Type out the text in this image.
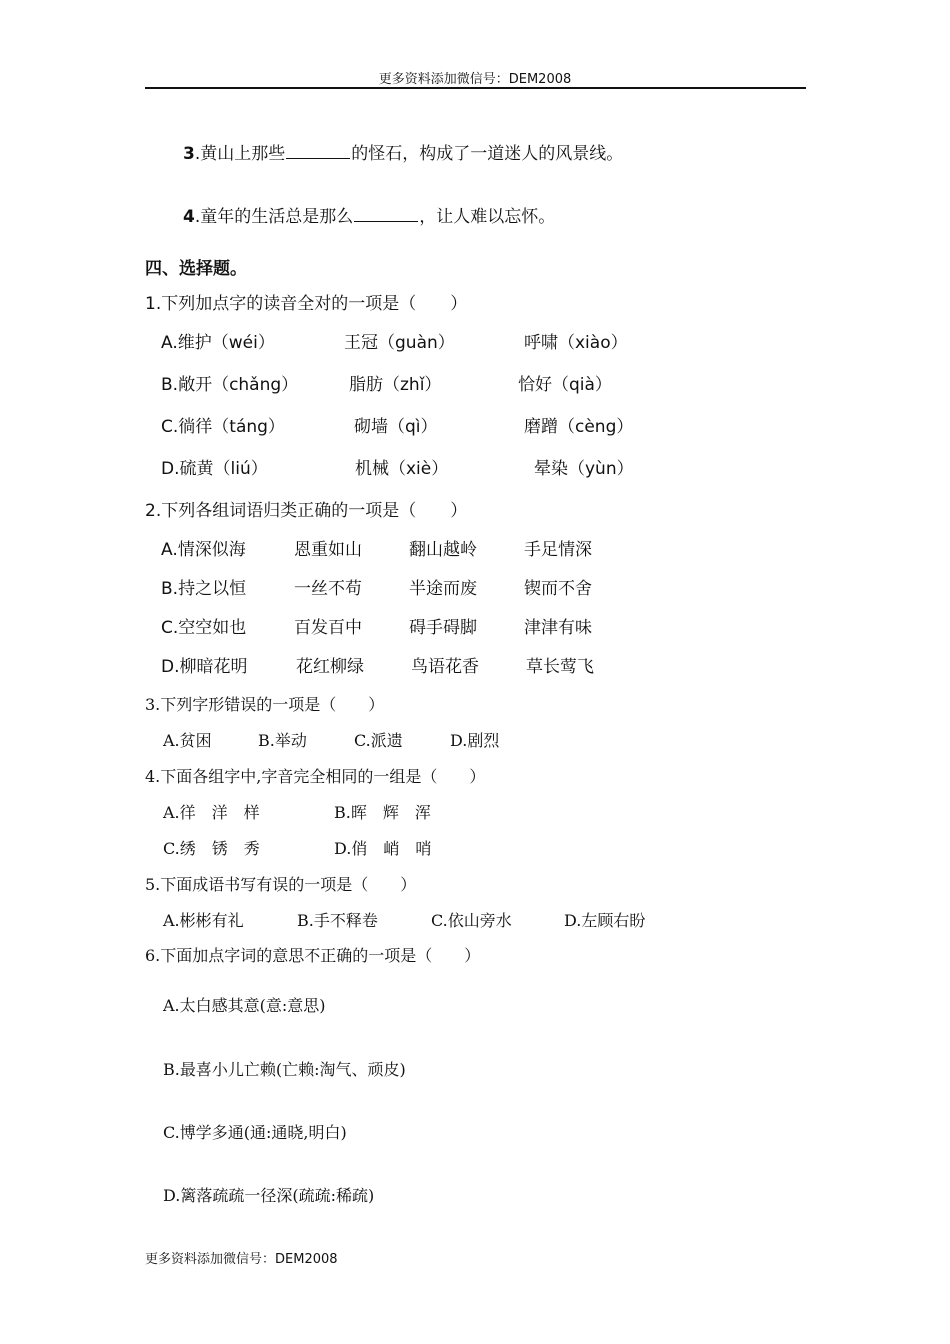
更多资料添加微信号：DEM2008
3.黄山上那些	的怪石，构成了一道迷人的风景线。
4.童年的生活总是那么	，让人难以忘怀。
四、选择题。
1.下列加点字的读音全对的一项是（　　）
A.维护（wéi）	王冠（guàn）	呼啸（xiào）
B.敞开（chǎng）	脂肪（zhǐ）	恰好（qià）
C.徜徉（táng）	砌墙（qì）	磨蹭（cèng）
D.硫黄（liú）	机械（xiè）	晕染（yùn）
2.下列各组词语归类正确的一项是（　　）
A.情深似海	恩重如山	翻山越岭	手足情深
B.持之以恒	一丝不苟	半途而废	锲而不舍
C.空空如也	百发百中	碍手碍脚	津津有味
D.柳暗花明	花红柳绿	鸟语花香	草长莺飞
3.下列字形错误的一项是（　　）
A.贫困	B.举动	C.派遗	D.剧烈
4.下面各组字中,字音完全相同的一组是（　　）
A.徉　洋　样	B.晖　辉　浑
C.绣　锈　秀	D.俏　峭　哨
5.下面成语书写有误的一项是（　　）
A.彬彬有礼	B.手不释卷	C.依山旁水	D.左顾右盼
6.下面加点字词的意思不正确的一项是（　　）
A.太白感其意(意:意思)
B.最喜小儿亡赖(亡赖:淘气、顽皮)
C.博学多通(通:通晓,明白)
D.篱落疏疏一径深(疏疏:稀疏)
更多资料添加微信号：DEM2008
